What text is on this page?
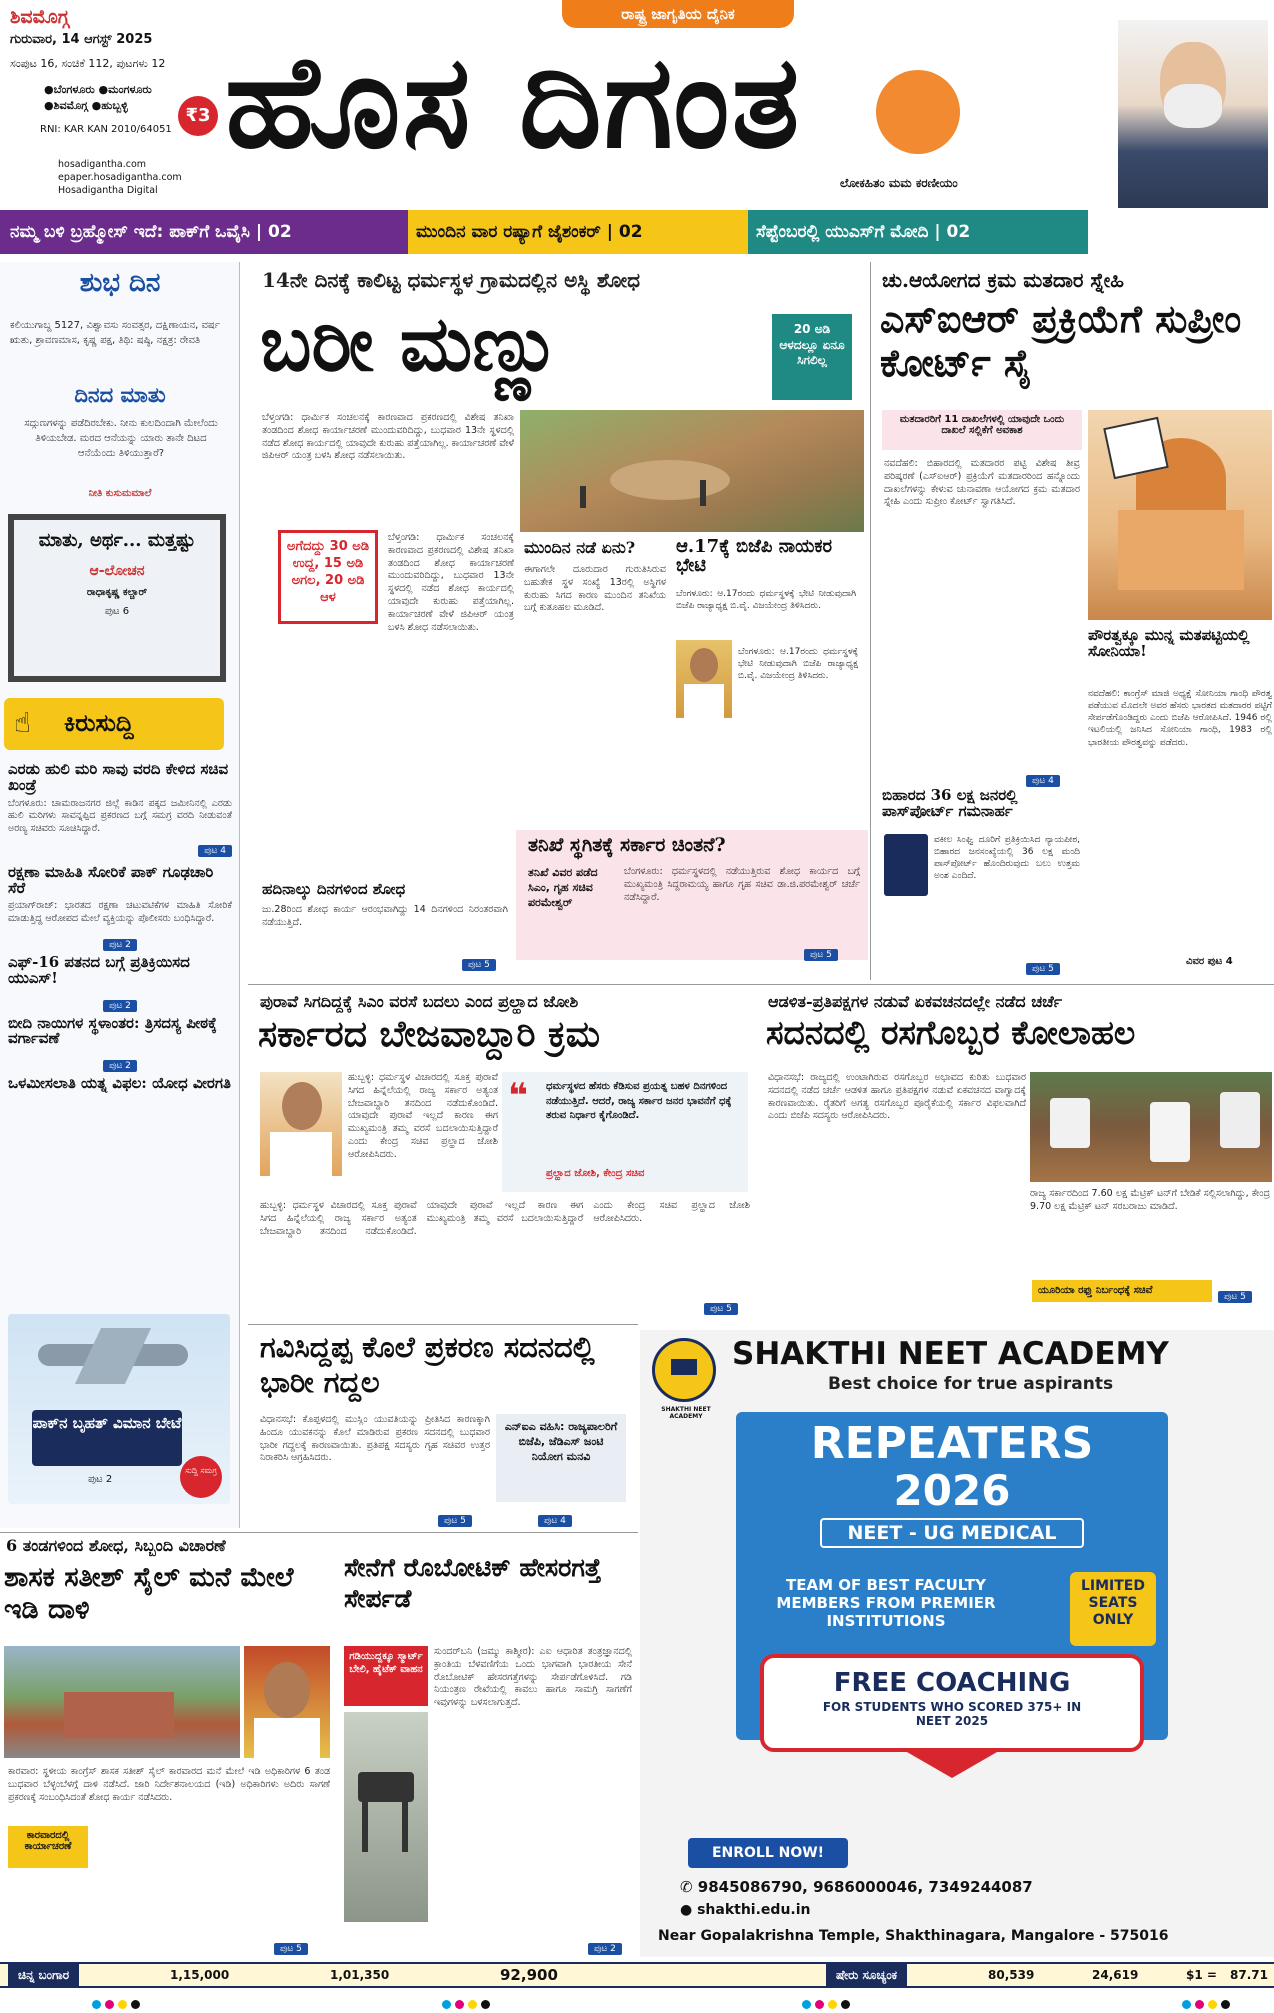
ಶಿವಮೊಗ್ಗ
ಗುರುವಾರ, 14 ಆಗಸ್ಟ್ 2025
ಸಂಪುಟ 16, ಸಂಚಿಕೆ 112, ಪುಟಗಳು 12
●ಬೆಂಗಳೂರು ●ಮಂಗಳೂರು
●ಶಿವಮೊಗ್ಗ ●ಹುಬ್ಬಳ್ಳಿ	₹3
RNI: KAR KAN 2010/64051
hosadigantha.com
epaper.hosadigantha.com
Hosadigantha Digital
ರಾಷ್ಟ್ರ ಜಾಗೃತಿಯ ದೈನಿಕ
ಹೊಸ ದಿಗಂತ
ಲೋಕಹಿತಂ ಮಮ ಕರಣೀಯಂ
ನಮ್ಮ ಬಳಿ ಬ್ರಹ್ಮೋಸ್ ಇದೆ: ಪಾಕ್‌ಗೆ ಒವೈಸಿ | 02	ಮುಂದಿನ ವಾರ ರಷ್ಯಾಗೆ ಜೈಶಂಕರ್ | 02	ಸೆಪ್ಟೆಂಬರಲ್ಲಿ ಯುಎಸ್‌ಗೆ ಮೋದಿ | 02
ಶುಭ ದಿನ
ಕಲಿಯುಗಾಬ್ದ 5127, ವಿಶ್ವಾವಸು ಸಂವತ್ಸರ, ದಕ್ಷಿಣಾಯನ, ವರ್ಷ ಋತು, ಶ್ರಾವಣಮಾಸ, ಕೃಷ್ಣ ಪಕ್ಷ, ತಿಥಿ: ಷಷ್ಠಿ, ನಕ್ಷತ್ರ: ರೇವತಿ
ದಿನದ ಮಾತು
ಸದ್ಗುಣಗಳನ್ನು ಪಡೆದಿರಬೇಕು. ನೀನು ಕುಲದಿಂದಾಗಿ ಮೇಲೆಂದು ತಿಳಿಯಬೇಡ. ಮರದ ಆನೆಯನ್ನು ಯಾರು ತಾನೇ ದಿಟದ ಆನೆಯೆಂದು ತಿಳಿಯುತ್ತಾರೆ?
ನೀತಿ ಕುಸುಮಮಾಲೆ
ಮಾತು, ಅರ್ಥ... ಮತ್ತಷ್ಟು
ಆ-ಲೋಚನ
ರಾಧಾಕೃಷ್ಣ ಕಲ್ಚಾರ್
ಪುಟ 6
☝ ಕಿರುಸುದ್ದಿ
ಎರಡು ಹುಲಿ ಮರಿ ಸಾವು ವರದಿ ಕೇಳಿದ ಸಚಿವ ಖಂಡ್ರೆ
ಬೆಂಗಳೂರು: ಚಾಮರಾಜನಗರ ಜಿಲ್ಲೆ ಕಾಡಿನ ಪಕ್ಕದ ಜಮೀನಿನಲ್ಲಿ ಎರಡು ಹುಲಿ ಮರಿಗಳು ಸಾವನ್ನಪ್ಪಿದ ಪ್ರಕರಣದ ಬಗ್ಗೆ ಸಮಗ್ರ ವರದಿ ನೀಡುವಂತೆ ಅರಣ್ಯ ಸಚಿವರು ಸೂಚಿಸಿದ್ದಾರೆ.
ಪುಟ 4
ರಕ್ಷಣಾ ಮಾಹಿತಿ ಸೋರಿಕೆ ಪಾಕ್ ಗೂಢಚಾರಿ ಸೆರೆ
ಪ್ರಯಾಗ್‌ರಾಜ್: ಭಾರತದ ರಕ್ಷಣಾ ಚಟುವಟಿಕೆಗಳ ಮಾಹಿತಿ ಸೋರಿಕೆ ಮಾಡುತ್ತಿದ್ದ ಆರೋಪದ ಮೇಲೆ ವ್ಯಕ್ತಿಯನ್ನು ಪೊಲೀಸರು ಬಂಧಿಸಿದ್ದಾರೆ.
ಪುಟ 2
ಎಫ್-16 ಪತನದ ಬಗ್ಗೆ ಪ್ರತಿಕ್ರಿಯಿಸದ ಯುಎಸ್!
ಪುಟ 2
ಬೀದಿ ನಾಯಿಗಳ ಸ್ಥಳಾಂತರ: ತ್ರಿಸದಸ್ಯ ಪೀಠಕ್ಕೆ ವರ್ಗಾವಣೆ
ಪುಟ 2
ಒಳಮೀಸಲಾತಿ ಯತ್ನ ವಿಫಲ: ಯೋಧ ವೀರಗತಿ
ಪಾಕ್‌ನ ಬೃಹತ್ ವಿಮಾನ ಬೇಟೆ
ಪುಟ 2
ಸುದ್ದಿ ಸಮಗ್ರ
14ನೇ ದಿನಕ್ಕೆ ಕಾಲಿಟ್ಟ ಧರ್ಮಸ್ಥಳ ಗ್ರಾಮದಲ್ಲಿನ ಅಸ್ಥಿ ಶೋಧ
ಬರೀ ಮಣ್ಣು	20 ಅಡಿ ಆಳದಲ್ಲೂ ಏನೂ ಸಿಗಲಿಲ್ಲ
ಅಗೆದದ್ದು 30 ಅಡಿ ಉದ್ದ, 15 ಅಡಿ ಅಗಲ, 20 ಅಡಿ ಆಳ
ಬೆಳ್ತಂಗಡಿ: ಧಾರ್ಮಿಕ ಸಂಚಲನಕ್ಕೆ ಕಾರಣವಾದ ಪ್ರಕರಣದಲ್ಲಿ ವಿಶೇಷ ತನಿಖಾ ತಂಡದಿಂದ ಶೋಧ ಕಾರ್ಯಾಚರಣೆ ಮುಂದುವರಿದಿದ್ದು, ಬುಧವಾರ 13ನೇ ಸ್ಥಳದಲ್ಲಿ ನಡೆದ ಶೋಧ ಕಾರ್ಯದಲ್ಲಿ ಯಾವುದೇ ಕುರುಹು ಪತ್ತೆಯಾಗಿಲ್ಲ. ಕಾರ್ಯಾಚರಣೆ ವೇಳೆ ಜಿಪಿಆರ್ ಯಂತ್ರ ಬಳಸಿ ಶೋಧ ನಡೆಸಲಾಯಿತು.
ಬೆಳ್ತಂಗಡಿ: ಧಾರ್ಮಿಕ ಸಂಚಲನಕ್ಕೆ ಕಾರಣವಾದ ಪ್ರಕರಣದಲ್ಲಿ ವಿಶೇಷ ತನಿಖಾ ತಂಡದಿಂದ ಶೋಧ ಕಾರ್ಯಾಚರಣೆ ಮುಂದುವರಿದಿದ್ದು, ಬುಧವಾರ 13ನೇ ಸ್ಥಳದಲ್ಲಿ ನಡೆದ ಶೋಧ ಕಾರ್ಯದಲ್ಲಿ ಯಾವುದೇ ಕುರುಹು ಪತ್ತೆಯಾಗಿಲ್ಲ. ಕಾರ್ಯಾಚರಣೆ ವೇಳೆ ಜಿಪಿಆರ್ ಯಂತ್ರ ಬಳಸಿ ಶೋಧ ನಡೆಸಲಾಯಿತು.
ಮುಂದಿನ ನಡೆ ಏನು?
ಈಗಾಗಲೇ ದೂರುದಾರ ಗುರುತಿಸಿರುವ ಬಹುತೇಕ ಸ್ಥಳ ಸಂಖ್ಯೆ 13ರಲ್ಲಿ ಅಸ್ಥಿಗಳ ಕುರುಹು ಸಿಗದ ಕಾರಣ ಮುಂದಿನ ತನಿಖೆಯ ಬಗ್ಗೆ ಕುತೂಹಲ ಮೂಡಿದೆ.
ಆ.17ಕ್ಕೆ ಬಿಜೆಪಿ ನಾಯಕರ ಭೇಟಿ
ಬೆಂಗಳೂರು: ಆ.17ರಂದು ಧರ್ಮಸ್ಥಳಕ್ಕೆ ಭೇಟಿ ನೀಡುವುದಾಗಿ ಬಿಜೆಪಿ ರಾಜ್ಯಾಧ್ಯಕ್ಷ ಬಿ.ವೈ. ವಿಜಯೇಂದ್ರ ತಿಳಿಸಿದರು.
ಬೆಂಗಳೂರು: ಆ.17ರಂದು ಧರ್ಮಸ್ಥಳಕ್ಕೆ ಭೇಟಿ ನೀಡುವುದಾಗಿ ಬಿಜೆಪಿ ರಾಜ್ಯಾಧ್ಯಕ್ಷ ಬಿ.ವೈ. ವಿಜಯೇಂದ್ರ ತಿಳಿಸಿದರು.
ತನಿಖೆ ಸ್ಥಗಿತಕ್ಕೆ ಸರ್ಕಾರ ಚಿಂತನೆ?
ತನಿಖೆ ವಿವರ ಪಡೆದ ಸಿಎಂ, ಗೃಹ ಸಚಿವ ಪರಮೇಶ್ವರ್
ಬೆಂಗಳೂರು: ಧರ್ಮಸ್ಥಳದಲ್ಲಿ ನಡೆಯುತ್ತಿರುವ ಶೋಧ ಕಾರ್ಯದ ಬಗ್ಗೆ ಮುಖ್ಯಮಂತ್ರಿ ಸಿದ್ದರಾಮಯ್ಯ ಹಾಗೂ ಗೃಹ ಸಚಿವ ಡಾ.ಜಿ.ಪರಮೇಶ್ವರ್ ಚರ್ಚೆ ನಡೆಸಿದ್ದಾರೆ.
ಪುಟ 5
ಹದಿನಾಲ್ಕು ದಿನಗಳಿಂದ ಶೋಧ
ಜು.28ರಿಂದ ಶೋಧ ಕಾರ್ಯ ಆರಂಭವಾಗಿದ್ದು 14 ದಿನಗಳಿಂದ ನಿರಂತರವಾಗಿ ನಡೆಯುತ್ತಿದೆ.
ಪುಟ 5
ಚು.ಆಯೋಗದ ಕ್ರಮ ಮತದಾರ ಸ್ನೇಹಿ
ಎಸ್‌ಐಆರ್ ಪ್ರಕ್ರಿಯೆಗೆ ಸುಪ್ರೀಂ ಕೋರ್ಟ್ ಸೈ
ಮತದಾರರಿಗೆ 11 ದಾಖಲೆಗಳಲ್ಲಿ ಯಾವುದೇ ಒಂದು ದಾಖಲೆ ಸಲ್ಲಿಕೆಗೆ ಅವಕಾಶ
ನವದೆಹಲಿ: ಬಿಹಾರದಲ್ಲಿ ಮತದಾರರ ಪಟ್ಟಿ ವಿಶೇಷ ತೀವ್ರ ಪರಿಷ್ಕರಣೆ (ಎಸ್‌ಐಆರ್) ಪ್ರಕ್ರಿಯೆಗೆ ಮತದಾರರಿಂದ ಹನ್ನೊಂದು ದಾಖಲೆಗಳನ್ನು ಕೇಳುವ ಚುನಾವಣಾ ಆಯೋಗದ ಕ್ರಮ ಮತದಾರ ಸ್ನೇಹಿ ಎಂದು ಸುಪ್ರೀಂ ಕೋರ್ಟ್ ಸ್ವಾಗತಿಸಿದೆ.
ಪುಟ 4
ಬಿಹಾರದ 36 ಲಕ್ಷ ಜನರಲ್ಲಿ ಪಾಸ್‌ಪೋರ್ಟ್ ಗಮನಾರ್ಹ
ವಕೀಲ ಸಿಂಘ್ವಿ ದೂರಿಗೆ ಪ್ರತಿಕ್ರಿಯಿಸಿದ ನ್ಯಾಯಪೀಠ, ಬಿಹಾರದ ಜನಸಂಖ್ಯೆಯಲ್ಲಿ 36 ಲಕ್ಷ ಮಂದಿ ಪಾಸ್‌ಪೋರ್ಟ್ ಹೊಂದಿರುವುದು ಬಲು ಉತ್ತಮ ಅಂಶ ಎಂದಿದೆ.
ಪುಟ 5
ಪೌರತ್ವಕ್ಕೂ ಮುನ್ನ ಮತಪಟ್ಟಿಯಲ್ಲಿ ಸೋನಿಯಾ!
ನವದೆಹಲಿ: ಕಾಂಗ್ರೆಸ್ ಮಾಜಿ ಅಧ್ಯಕ್ಷೆ ಸೋನಿಯಾ ಗಾಂಧಿ ಪೌರತ್ವ ಪಡೆಯುವ ಮೊದಲೇ ಅವರ ಹೆಸರು ಭಾರತದ ಮತದಾರರ ಪಟ್ಟಿಗೆ ಸೇರ್ಪಡೆಗೊಂಡಿದ್ದರು ಎಂದು ಬಿಜೆಪಿ ಆರೋಪಿಸಿದೆ. 1946 ರಲ್ಲಿ ಇಟಲಿಯಲ್ಲಿ ಜನಿಸಿದ ಸೋನಿಯಾ ಗಾಂಧಿ, 1983 ರಲ್ಲಿ ಭಾರತೀಯ ಪೌರತ್ವವನ್ನು ಪಡೆದರು.
ವಿವರ ಪುಟ 4
ಪುರಾವೆ ಸಿಗದಿದ್ದಕ್ಕೆ ಸಿಎಂ ವರಸೆ ಬದಲು ಎಂದ ಪ್ರಲ್ಹಾದ ಜೋಶಿ
ಸರ್ಕಾರದ ಬೇಜವಾಬ್ದಾರಿ ಕ್ರಮ
ಹುಬ್ಬಳ್ಳಿ: ಧರ್ಮಸ್ಥಳ ವಿಚಾರದಲ್ಲಿ ಸೂಕ್ತ ಪುರಾವೆ ಸಿಗದ ಹಿನ್ನೆಲೆಯಲ್ಲಿ ರಾಜ್ಯ ಸರ್ಕಾರ ಅತ್ಯಂತ ಬೇಜವಾಬ್ದಾರಿ ತನದಿಂದ ನಡೆದುಕೊಂಡಿದೆ. ಯಾವುದೇ ಪುರಾವೆ ಇಲ್ಲದೆ ಕಾರಣ ಈಗ ಮುಖ್ಯಮಂತ್ರಿ ತಮ್ಮ ವರಸೆ ಬದಲಾಯಿಸುತ್ತಿದ್ದಾರೆ ಎಂದು ಕೇಂದ್ರ ಸಚಿವ ಪ್ರಲ್ಹಾದ ಜೋಶಿ ಆರೋಪಿಸಿದರು.
❝ ಧರ್ಮಸ್ಥಳದ ಹೆಸರು ಕೆಡಿಸುವ ಪ್ರಯತ್ನ ಬಹಳ ದಿನಗಳಿಂದ ನಡೆಯುತ್ತಿದೆ. ಆದರೆ, ರಾಜ್ಯ ಸರ್ಕಾರ ಜನರ ಭಾವನೆಗೆ ಧಕ್ಕೆ ತರುವ ನಿರ್ಧಾರ ಕೈಗೊಂಡಿದೆ.
ಪ್ರಲ್ಹಾದ ಜೋಶಿ, ಕೇಂದ್ರ ಸಚಿವ
ಹುಬ್ಬಳ್ಳಿ: ಧರ್ಮಸ್ಥಳ ವಿಚಾರದಲ್ಲಿ ಸೂಕ್ತ ಪುರಾವೆ ಸಿಗದ ಹಿನ್ನೆಲೆಯಲ್ಲಿ ರಾಜ್ಯ ಸರ್ಕಾರ ಅತ್ಯಂತ ಬೇಜವಾಬ್ದಾರಿ ತನದಿಂದ ನಡೆದುಕೊಂಡಿದೆ. ಯಾವುದೇ ಪುರಾವೆ ಇಲ್ಲದೆ ಕಾರಣ ಈಗ ಮುಖ್ಯಮಂತ್ರಿ ತಮ್ಮ ವರಸೆ ಬದಲಾಯಿಸುತ್ತಿದ್ದಾರೆ ಎಂದು ಕೇಂದ್ರ ಸಚಿವ ಪ್ರಲ್ಹಾದ ಜೋಶಿ ಆರೋಪಿಸಿದರು.
ಪುಟ 5
ಆಡಳಿತ-ಪ್ರತಿಪಕ್ಷಗಳ ನಡುವೆ ಏಕವಚನದಲ್ಲೇ ನಡೆದ ಚರ್ಚೆ
ಸದನದಲ್ಲಿ ರಸಗೊಬ್ಬರ ಕೋಲಾಹಲ
ವಿಧಾನಸಭೆ: ರಾಜ್ಯದಲ್ಲಿ ಉಂಟಾಗಿರುವ ರಸಗೊಬ್ಬರ ಅಭಾವದ ಕುರಿತು ಬುಧವಾರ ಸದನದಲ್ಲಿ ನಡೆದ ಚರ್ಚೆ ಆಡಳಿತ ಹಾಗೂ ಪ್ರತಿಪಕ್ಷಗಳ ನಡುವೆ ಏಕವಚನದ ವಾಗ್ವಾದಕ್ಕೆ ಕಾರಣವಾಯಿತು. ರೈತರಿಗೆ ಅಗತ್ಯ ರಸಗೊಬ್ಬರ ಪೂರೈಕೆಯಲ್ಲಿ ಸರ್ಕಾರ ವಿಫಲವಾಗಿದೆ ಎಂದು ಬಿಜೆಪಿ ಸದಸ್ಯರು ಆರೋಪಿಸಿದರು.
ರಾಜ್ಯ ಸರ್ಕಾರದಿಂದ 7.60 ಲಕ್ಷ ಮೆಟ್ರಿಕ್ ಟನ್‌ಗೆ ಬೇಡಿಕೆ ಸಲ್ಲಿಸಲಾಗಿದ್ದು, ಕೇಂದ್ರ 9.70 ಲಕ್ಷ ಮೆಟ್ರಿಕ್ ಟನ್ ಸರಬರಾಜು ಮಾಡಿದೆ.
ಯೂರಿಯಾ ರಫ್ತು ನಿರ್ಬಂಧಕ್ಕೆ ಸಚಿವೆ
ಪುಟ 5
ಗವಿಸಿದ್ದಪ್ಪ ಕೊಲೆ ಪ್ರಕರಣ ಸದನದಲ್ಲಿ ಭಾರೀ ಗದ್ದಲ
ವಿಧಾನಸಭೆ: ಕೊಪ್ಪಳದಲ್ಲಿ ಮುಸ್ಲಿಂ ಯುವತಿಯನ್ನು ಪ್ರೀತಿಸಿದ ಕಾರಣಕ್ಕಾಗಿ ಹಿಂದೂ ಯುವಕನನ್ನು ಕೊಲೆ ಮಾಡಿರುವ ಪ್ರಕರಣ ಸದನದಲ್ಲಿ ಬುಧವಾರ ಭಾರೀ ಗದ್ದಲಕ್ಕೆ ಕಾರಣವಾಯಿತು. ಪ್ರತಿಪಕ್ಷ ಸದಸ್ಯರು ಗೃಹ ಸಚಿವರ ಉತ್ತರ ನಿರಾಕರಿಸಿ ಆಗ್ರಹಿಸಿದರು.
ಎನ್‌ಐಎ ವಹಿಸಿ: ರಾಜ್ಯಪಾಲರಿಗೆ ಬಿಜೆಪಿ, ಜೆಡಿಎಸ್ ಜಂಟಿ ನಿಯೋಗ ಮನವಿ
ಪುಟ 5	ಪುಟ 4
SHAKTHI NEET ACADEMY
SHAKTHI NEET ACADEMY
Best choice for true aspirants
REPEATERS
2026
NEET - UG MEDICAL
TEAM OF BEST FACULTY MEMBERS FROM PREMIER INSTITUTIONS
LIMITED SEATS ONLY
FREE COACHING
FOR STUDENTS WHO SCORED 375+ IN NEET 2025
ENROLL NOW!
✆ 9845086790, 9686000046, 7349244087
● shakthi.edu.in
Near Gopalakrishna Temple, Shakthinagara, Mangalore - 575016
6 ತಂಡಗಳಿಂದ ಶೋಧ, ಸಿಬ್ಬಂದಿ ವಿಚಾರಣೆ
ಶಾಸಕ ಸತೀಶ್ ಸೈಲ್ ಮನೆ ಮೇಲೆ ಇಡಿ ದಾಳಿ
ಕಾರವಾರದಲ್ಲಿ ಕಾರ್ಯಾಚರಣೆ
ಕಾರವಾರ: ಸ್ಥಳೀಯ ಕಾಂಗ್ರೆಸ್ ಶಾಸಕ ಸತೀಶ್ ಸೈಲ್ ಕಾರವಾರದ ಮನೆ ಮೇಲೆ ಇಡಿ ಅಧಿಕಾರಿಗಳ 6 ತಂಡ ಬುಧವಾರ ಬೆಳ್ಳಂಬೆಳಗ್ಗೆ ದಾಳಿ ನಡೆಸಿದೆ. ಜಾರಿ ನಿರ್ದೇಶನಾಲಯದ (ಇಡಿ) ಅಧಿಕಾರಿಗಳು ಅದಿರು ಸಾಗಣೆ ಪ್ರಕರಣಕ್ಕೆ ಸಂಬಂಧಿಸಿದಂತೆ ಶೋಧ ಕಾರ್ಯ ನಡೆಸಿದರು.
ಪುಟ 5
ಸೇನೆಗೆ ರೊಬೋಟಿಕ್ ಹೇಸರಗತ್ತೆ ಸೇರ್ಪಡೆ
ಗಡಿಯುದ್ದಕ್ಕೂ ಸ್ಮಾರ್ಟ್ ಬೇಲಿ, ಹೈಟೆಕ್ ವಾಹನ
ಸುಂದರ್‌ಬನಿ (ಜಮ್ಮು ಕಾಶ್ಮೀರ): ಎಐ ಆಧಾರಿತ ತಂತ್ರಜ್ಞಾನದಲ್ಲಿ ಕ್ರಾಂತಿಯ ಬೆಳವಣಿಗೆಯ ಒಂದು ಭಾಗವಾಗಿ ಭಾರತೀಯ ಸೇನೆ ರೊಬೋಟಿಕ್ ಹೇಸರಗತ್ತೆಗಳನ್ನು ಸೇರ್ಪಡೆಗೊಳಿಸಿದೆ. ಗಡಿ ನಿಯಂತ್ರಣ ರೇಖೆಯಲ್ಲಿ ಕಾವಲು ಹಾಗೂ ಸಾಮಗ್ರಿ ಸಾಗಣೆಗೆ ಇವುಗಳನ್ನು ಬಳಸಲಾಗುತ್ತದೆ.
ಪುಟ 2
ಚಿನ್ನ ಬಂಗಾರ	1,15,000	1,01,350	92,900	ಷೇರು ಸೂಚ್ಯಂಕ	80,539	24,619	$1 = 87.71
